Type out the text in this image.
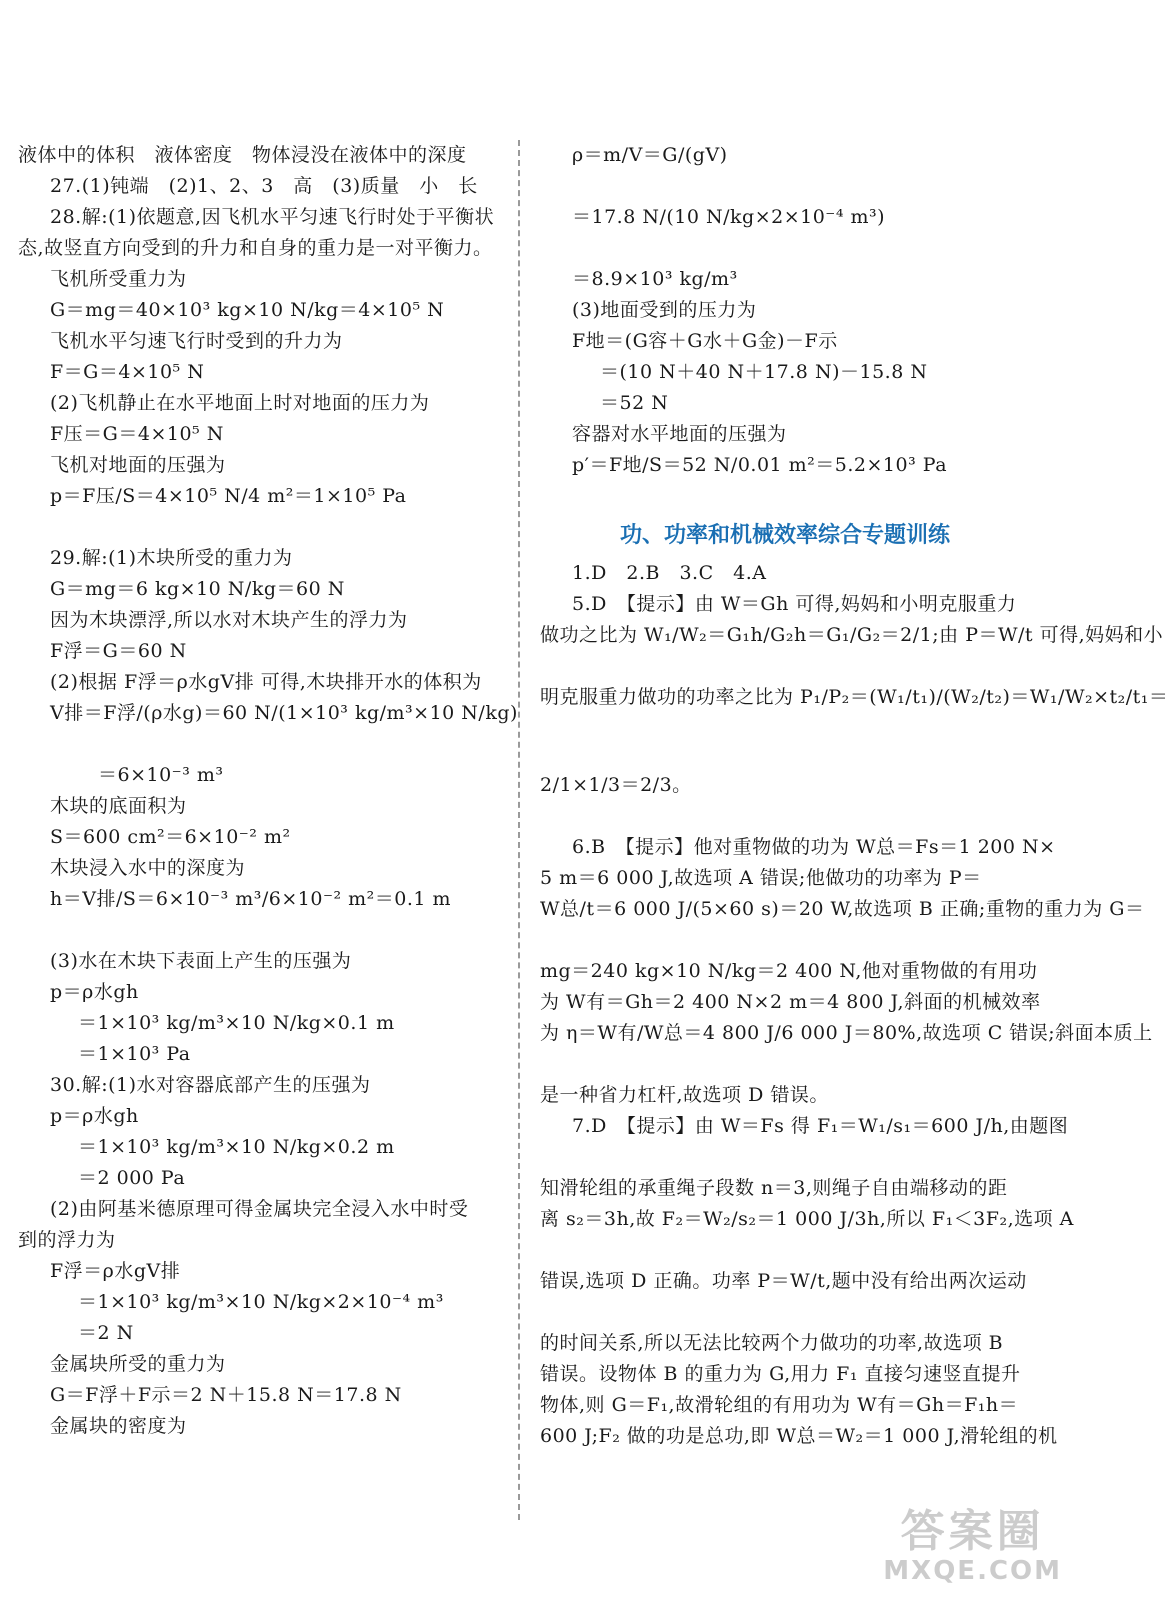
液体中的体积　液体密度　物体浸没在液体中的深度
27.(1)钝端　(2)1、2、3　高　(3)质量　小　长
28.解:(1)依题意,因飞机水平匀速飞行时处于平衡状
态,故竖直方向受到的升力和自身的重力是一对平衡力。
飞机所受重力为
G＝mg＝40×10³ kg×10 N/kg＝4×10⁵ N
飞机水平匀速飞行时受到的升力为
F＝G＝4×10⁵ N
(2)飞机静止在水平地面上时对地面的压力为
F压＝G＝4×10⁵ N
飞机对地面的压强为
p＝F压/S＝4×10⁵ N/4 m²＝1×10⁵ Pa
29.解:(1)木块所受的重力为
G＝mg＝6 kg×10 N/kg＝60 N
因为木块漂浮,所以水对木块产生的浮力为
F浮＝G＝60 N
(2)根据 F浮＝ρ水gV排 可得,木块排开水的体积为
V排＝F浮/(ρ水g)＝60 N/(1×10³ kg/m³×10 N/kg)
＝6×10⁻³ m³
木块的底面积为
S＝600 cm²＝6×10⁻² m²
木块浸入水中的深度为
h＝V排/S＝6×10⁻³ m³/6×10⁻² m²＝0.1 m
(3)水在木块下表面上产生的压强为
p＝ρ水gh
＝1×10³ kg/m³×10 N/kg×0.1 m
＝1×10³ Pa
30.解:(1)水对容器底部产生的压强为
p＝ρ水gh
＝1×10³ kg/m³×10 N/kg×0.2 m
＝2 000 Pa
(2)由阿基米德原理可得金属块完全浸入水中时受
到的浮力为
F浮＝ρ水gV排
＝1×10³ kg/m³×10 N/kg×2×10⁻⁴ m³
＝2 N
金属块所受的重力为
G＝F浮＋F示＝2 N＋15.8 N＝17.8 N
金属块的密度为
ρ＝m/V＝G/(gV)
＝17.8 N/(10 N/kg×2×10⁻⁴ m³)
＝8.9×10³ kg/m³
(3)地面受到的压力为
F地＝(G容＋G水＋G金)－F示
＝(10 N＋40 N＋17.8 N)－15.8 N
＝52 N
容器对水平地面的压强为
p′＝F地/S＝52 N/0.01 m²＝5.2×10³ Pa
功、功率和机械效率综合专题训练
1.D　2.B　3.C　4.A
5.D　【提示】由 W＝Gh 可得,妈妈和小明克服重力
做功之比为 W₁/W₂＝G₁h/G₂h＝G₁/G₂＝2/1;由 P＝W/t 可得,妈妈和小
明克服重力做功的功率之比为 P₁/P₂＝(W₁/t₁)/(W₂/t₂)＝W₁/W₂×t₂/t₁＝
2/1×1/3＝2/3。
6.B　【提示】他对重物做的功为 W总＝Fs＝1 200 N×
5 m＝6 000 J,故选项 A 错误;他做功的功率为 P＝
W总/t＝6 000 J/(5×60 s)＝20 W,故选项 B 正确;重物的重力为 G＝
mg＝240 kg×10 N/kg＝2 400 N,他对重物做的有用功
为 W有＝Gh＝2 400 N×2 m＝4 800 J,斜面的机械效率
为 η＝W有/W总＝4 800 J/6 000 J＝80%,故选项 C 错误;斜面本质上
是一种省力杠杆,故选项 D 错误。
7.D　【提示】由 W＝Fs 得 F₁＝W₁/s₁＝600 J/h,由题图
知滑轮组的承重绳子段数 n＝3,则绳子自由端移动的距
离 s₂＝3h,故 F₂＝W₂/s₂＝1 000 J/3h,所以 F₁＜3F₂,选项 A
错误,选项 D 正确。功率 P＝W/t,题中没有给出两次运动
的时间关系,所以无法比较两个力做功的功率,故选项 B
错误。设物体 B 的重力为 G,用力 F₁ 直接匀速竖直提升
物体,则 G＝F₁,故滑轮组的有用功为 W有＝Gh＝F₁h＝
600 J;F₂ 做的功是总功,即 W总＝W₂＝1 000 J,滑轮组的机
答案圈
MXQE.COM
